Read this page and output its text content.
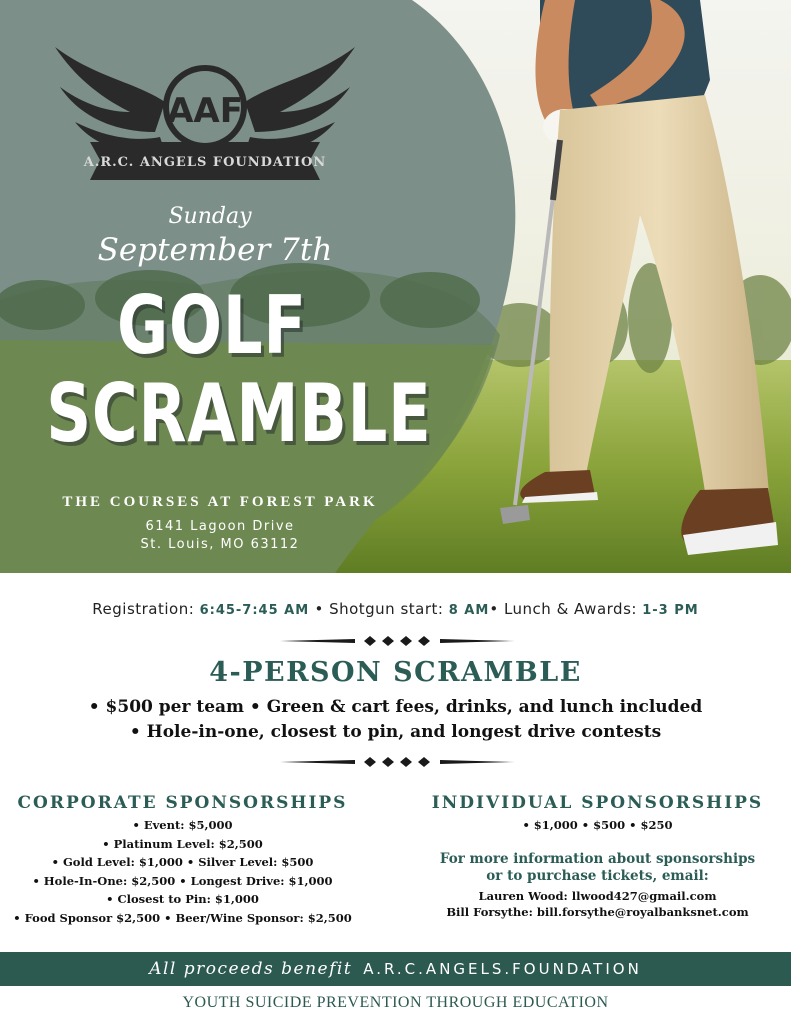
AAF
A.R.C. ANGELS FOUNDATION
Sunday
September 7th
GOLF
SCRAMBLE
THE COURSES AT FOREST PARK
6141 Lagoon Drive
St. Louis, MO 63112
Registration: 6:45-7:45 AM • Shotgun start: 8 AM• Lunch & Awards: 1-3 PM
4-PERSON SCRAMBLE
• $500 per team • Green & cart fees, drinks, and lunch included
• Hole-in-one, closest to pin, and longest drive contests
CORPORATE SPONSORSHIPS
• Event: $5,000
• Platinum Level: $2,500
• Gold Level: $1,000 • Silver Level: $500
• Hole-In-One: $2,500 • Longest Drive: $1,000
• Closest to Pin: $1,000
• Food Sponsor $2,500 • Beer/Wine Sponsor: $2,500
INDIVIDUAL SPONSORSHIPS
• $1,000 • $500 • $250
For more information about sponsorships
or to purchase tickets, email:
Lauren Wood: llwood427@gmail.com
Bill Forsythe: bill.forsythe@royalbanksnet.com
All proceeds benefit A.R.C.ANGELS.FOUNDATION
YOUTH SUICIDE PREVENTION THROUGH EDUCATION
